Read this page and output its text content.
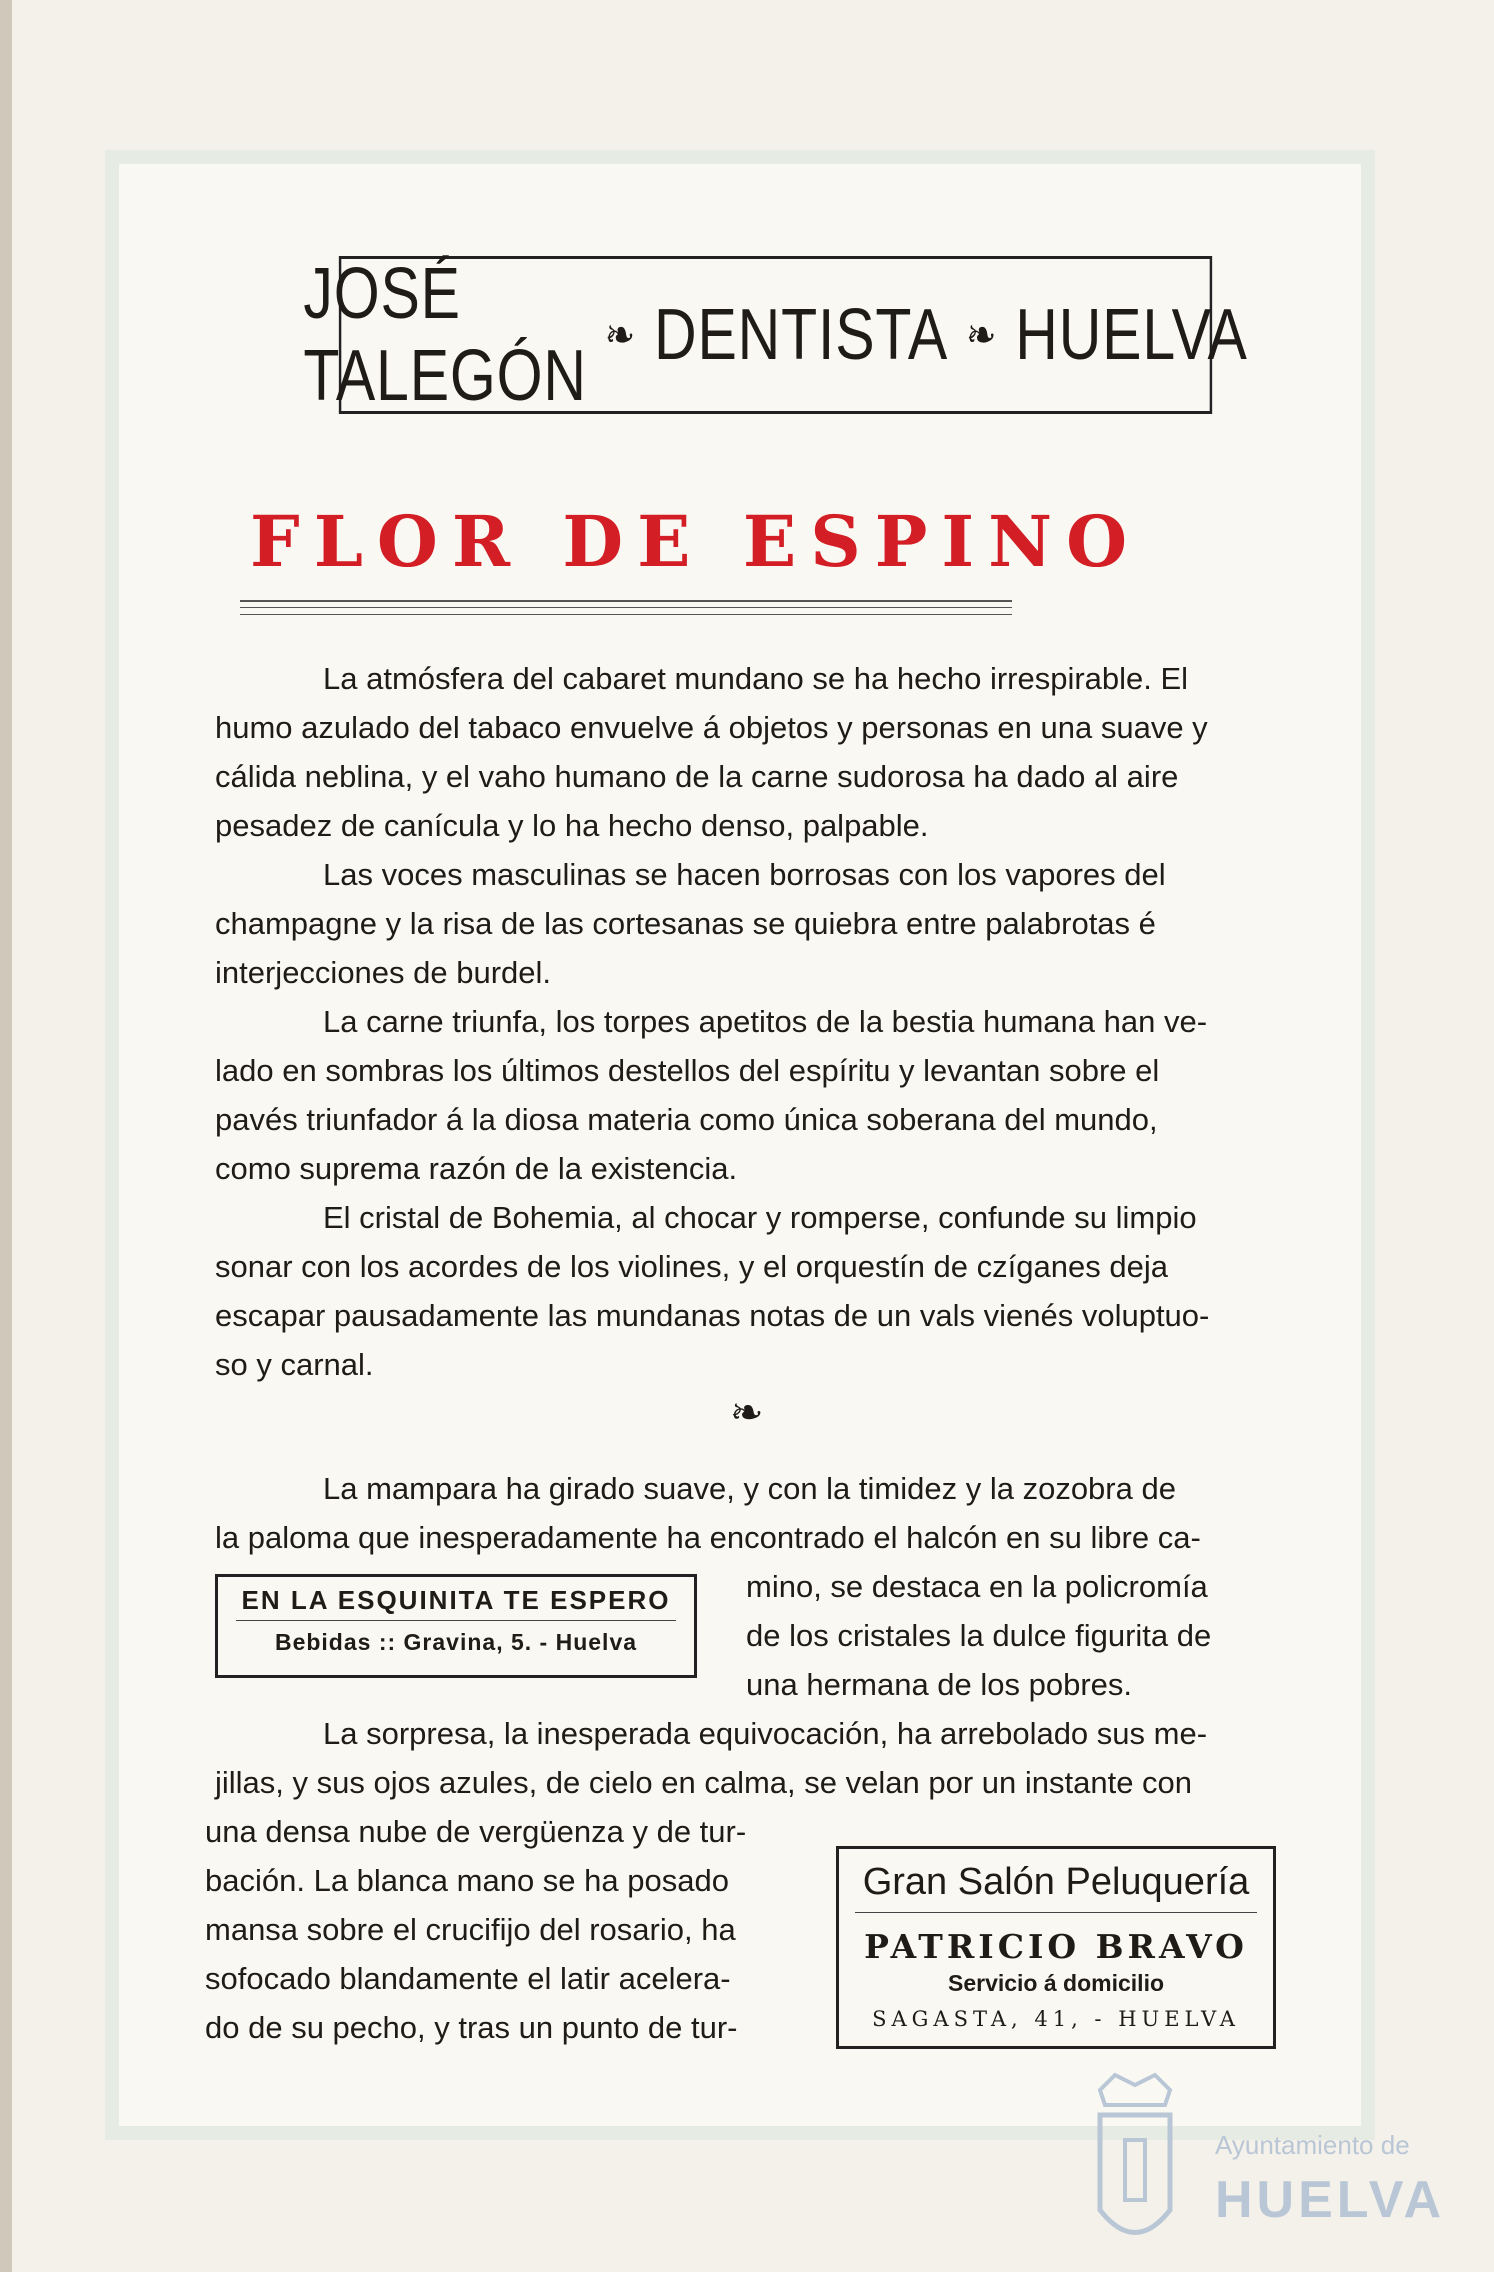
JOSÉ TALEGÓN
❧ DENTISTA ❧ HUELVA
FLOR DE ESPINO
La atmósfera del cabaret mundano se ha hecho irrespirable. El
humo azulado del tabaco envuelve á objetos y personas en una suave y
cálida neblina, y el vaho humano de la carne sudorosa ha dado al aire
pesadez de canícula y lo ha hecho denso, palpable.
Las voces masculinas se hacen borrosas con los vapores del
champagne y la risa de las cortesanas se quiebra entre palabrotas é
interjecciones de burdel.
La carne triunfa, los torpes apetitos de la bestia humana han ve-
lado en sombras los últimos destellos del espíritu y levantan sobre el
pavés triunfador á la diosa materia como única soberana del mundo,
como suprema razón de la existencia.
El cristal de Bohemia, al chocar y romperse, confunde su limpio
sonar con los acordes de los violines, y el orquestín de czíganes deja
escapar pausadamente las mundanas notas de un vals vienés voluptuo-
so y carnal.
❧
La mampara ha girado suave, y con la timidez y la zozobra de
la paloma que inesperadamente ha encontrado el halcón en su libre ca-
mino, se destaca en la policromía
de los cristales la dulce figurita de
una hermana de los pobres.
La sorpresa, la inesperada equivocación, ha arrebolado sus me-
jillas, y sus ojos azules, de cielo en calma, se velan por un instante con
una densa nube de vergüenza y de tur-
bación. La blanca mano se ha posado
mansa sobre el crucifijo del rosario, ha
sofocado blandamente el latir acelera-
do de su pecho, y tras un punto de tur-
EN LA ESQUINITA TE ESPERO
Bebidas :: Gravina, 5. - Huelva
Gran Salón Peluquería
PATRICIO BRAVO
Servicio á domicilio
SAGASTA, 41, - HUELVA
Ayuntamiento de
HUELVA
